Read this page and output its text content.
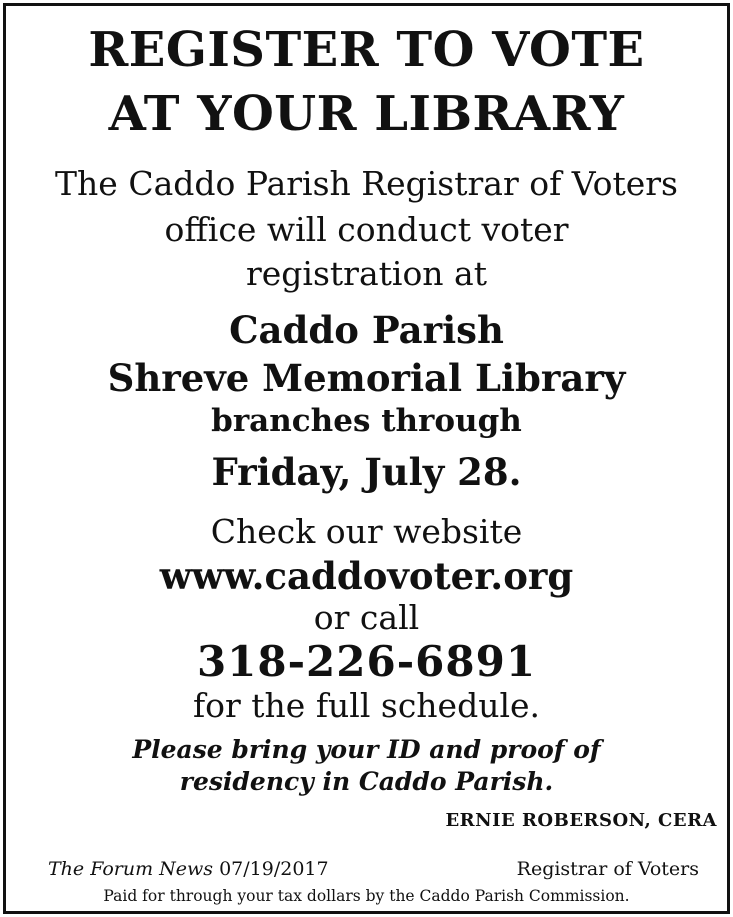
REGISTER TO VOTE
AT YOUR LIBRARY

The Caddo Parish Registrar of Voters

office will conduct voter

registration at

Caddo Parish

Shreve Memorial Library

branches through

Friday, July 28.

Check our website

www.caddovoter.org

or call

318-226-6891

for the full schedule.

Please bring your ID and proof of

residency in Caddo Parish.

ERNIE ROBERSON, CERA
The Forum News 07/19/2017	Registrar of Voters
Paid for through your tax dollars by the Caddo Parish Commission.
